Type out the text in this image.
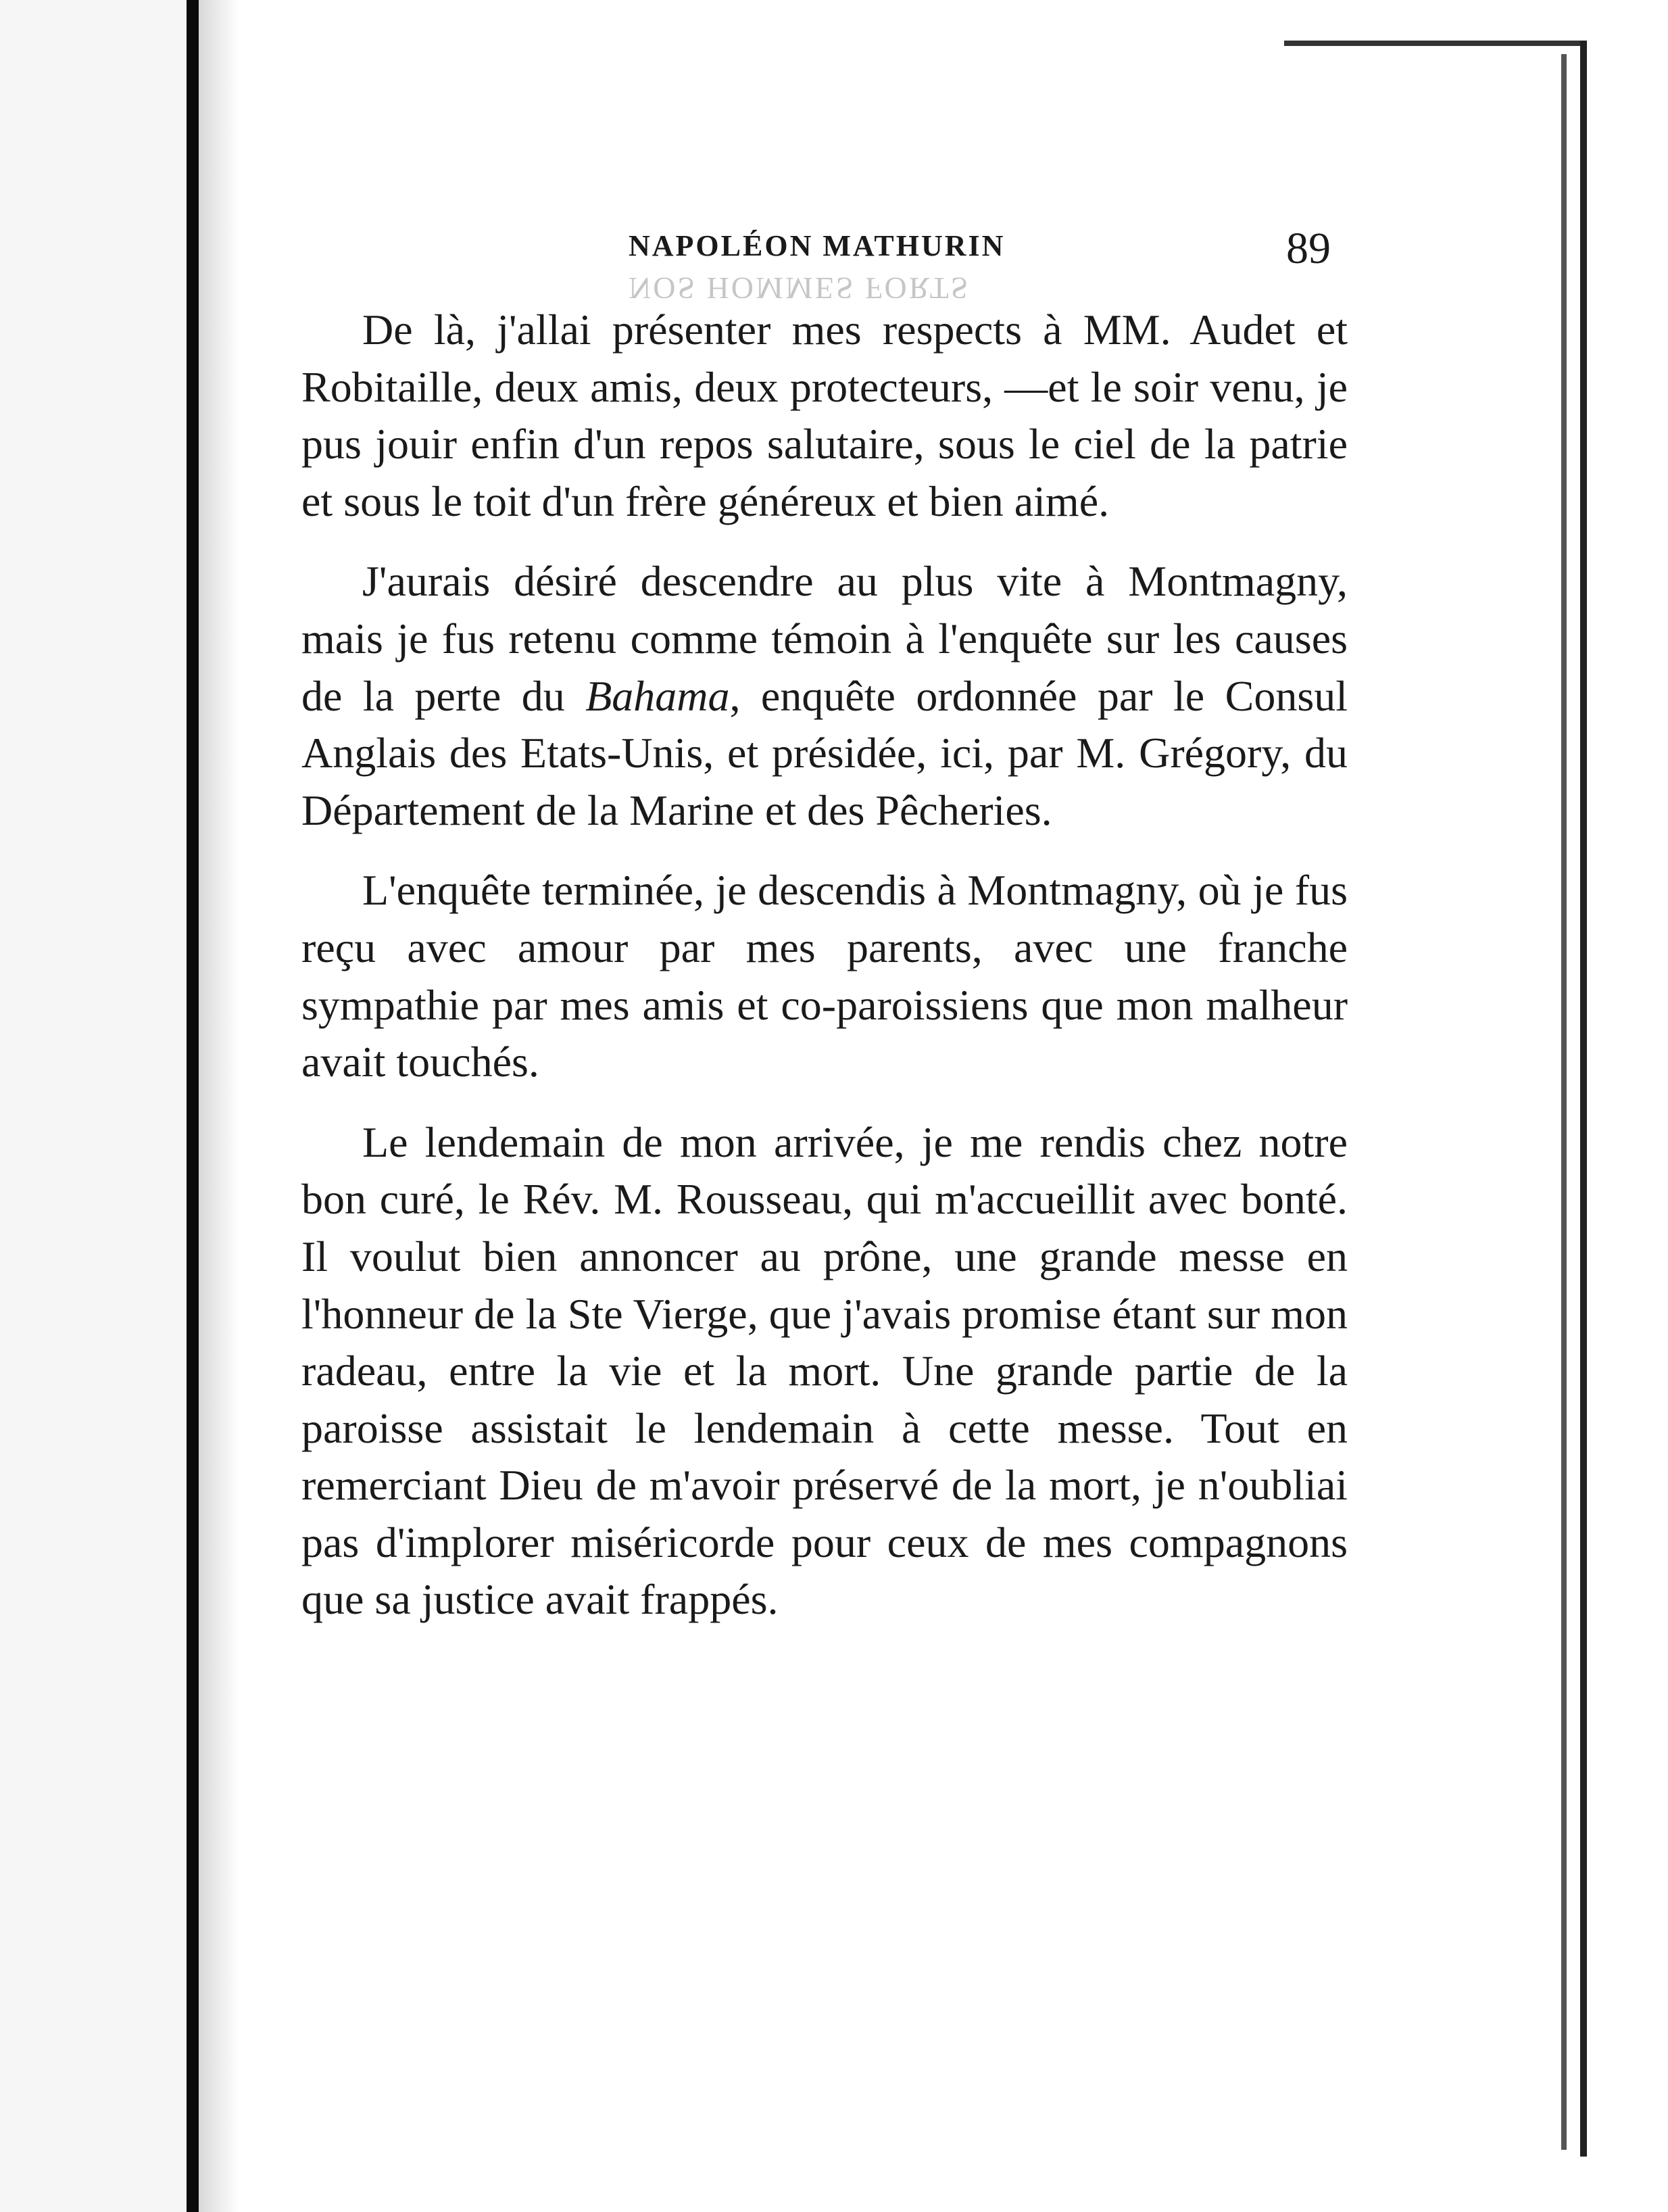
NOS HOMMES FORTS
NAPOLÉON MATHURIN	89

De là, j'allai présenter mes respects à MM. Audet et Robitaille, deux amis, deux protecteurs, —et le soir venu, je pus jouir enfin d'un repos salutaire, sous le ciel de la patrie et sous le toit d'un frère généreux et bien aimé.

J'aurais désiré descendre au plus vite à Montmagny, mais je fus retenu comme témoin à l'enquête sur les causes de la perte du Bahama, enquête ordonnée par le Consul Anglais des Etats-Unis, et présidée, ici, par M. Grégory, du Département de la Marine et des Pêcheries.

L'enquête terminée, je descendis à Montmagny, où je fus reçu avec amour par mes parents, avec une franche sympathie par mes amis et co-paroissiens que mon malheur avait touchés.

Le lendemain de mon arrivée, je me rendis chez notre bon curé, le Rév. M. Rousseau, qui m'accueillit avec bonté. Il voulut bien annoncer au prône, une grande messe en l'honneur de la Ste Vierge, que j'avais promise étant sur mon radeau, entre la vie et la mort. Une grande partie de la paroisse assistait le lendemain à cette messe. Tout en remerciant Dieu de m'avoir préservé de la mort, je n'oubliai pas d'implorer miséricorde pour ceux de mes compagnons que sa justice avait frappés.
